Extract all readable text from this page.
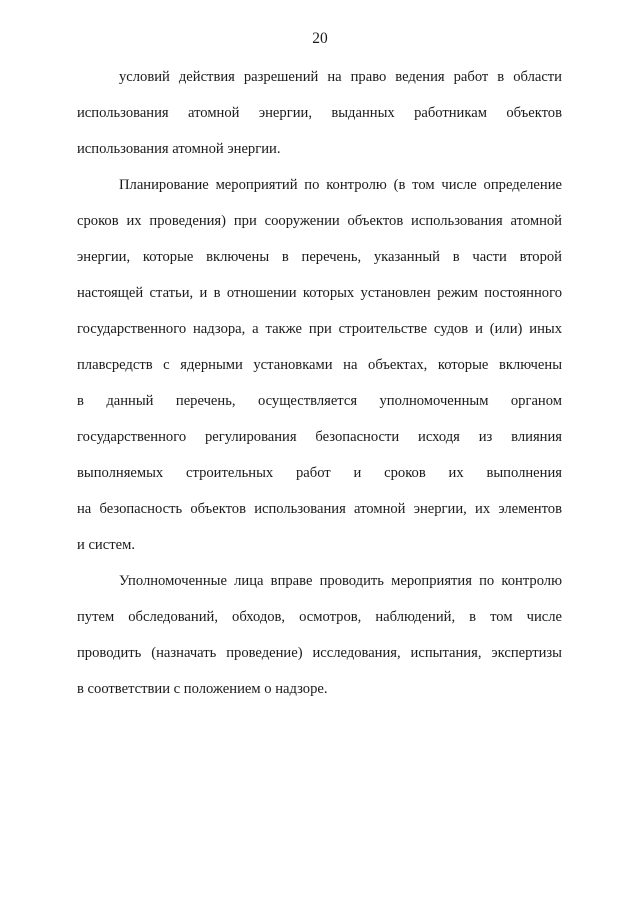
20
условий действия разрешений на право ведения работ в области
использования атомной энергии, выданных работникам объектов
использования атомной энергии.
Планирование мероприятий по контролю (в том числе определение
сроков их проведения) при сооружении объектов использования атомной
энергии, которые включены в перечень, указанный в части второй
настоящей статьи, и в отношении которых установлен режим постоянного
государственного надзора, а также при строительстве судов и (или) иных
плавсредств с ядерными установками на объектах, которые включены
в данный перечень, осуществляется уполномоченным органом
государственного регулирования безопасности исходя из влияния
выполняемых строительных работ и сроков их выполнения
на безопасность объектов использования атомной энергии, их элементов
и систем.
Уполномоченные лица вправе проводить мероприятия по контролю
путем обследований, обходов, осмотров, наблюдений, в том числе
проводить (назначать проведение) исследования, испытания, экспертизы
в соответствии с положением о надзоре.
